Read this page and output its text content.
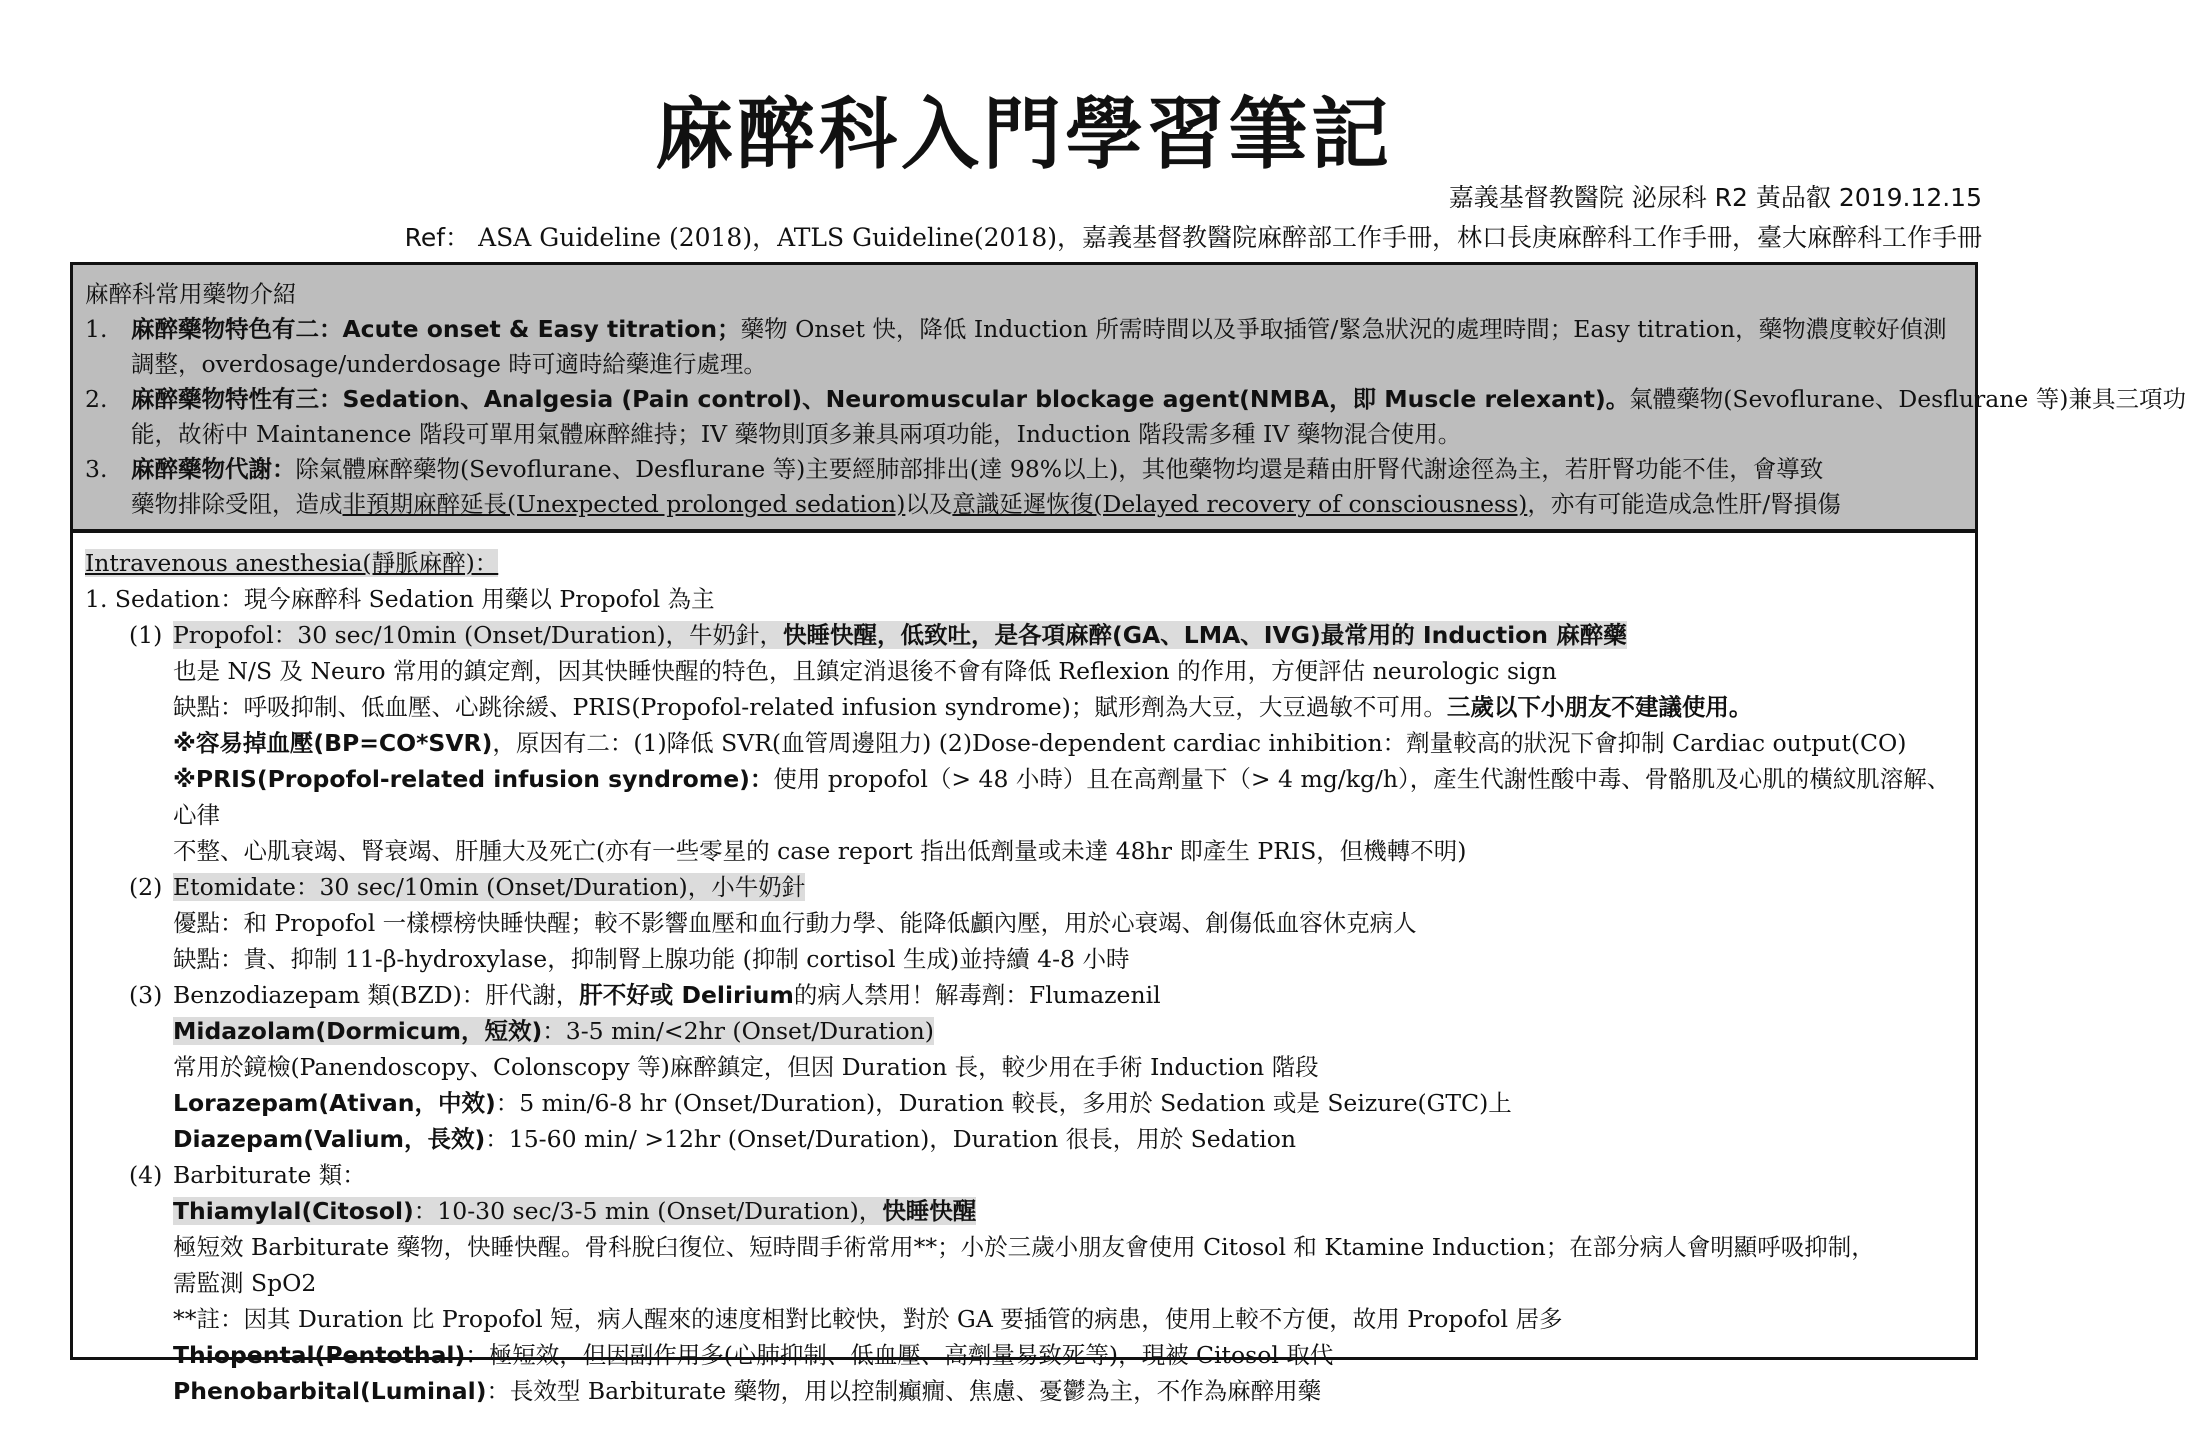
麻醉科入門學習筆記
嘉義基督教醫院 泌尿科 R2 黃品叡 2019.12.15
Ref： ASA Guideline (2018)，ATLS Guideline(2018)，嘉義基督教醫院麻醉部工作手冊，林口長庚麻醉科工作手冊，臺大麻醉科工作手冊
麻醉科常用藥物介紹
1. 麻醉藥物特色有二：Acute onset & Easy titration；藥物 Onset 快，降低 Induction 所需時間以及爭取插管/緊急狀況的處理時間；Easy titration，藥物濃度較好偵測
調整，overdosage/underdosage 時可適時給藥進行處理。
2. 麻醉藥物特性有三：Sedation、Analgesia (Pain control)、Neuromuscular blockage agent(NMBA，即 Muscle relexant)。氣體藥物(Sevoflurane、Desflurane 等)兼具三項功
能，故術中 Maintanence 階段可單用氣體麻醉維持；IV 藥物則頂多兼具兩項功能，Induction 階段需多種 IV 藥物混合使用。
3. 麻醉藥物代謝：除氣體麻醉藥物(Sevoflurane、Desflurane 等)主要經肺部排出(達 98%以上)，其他藥物均還是藉由肝腎代謝途徑為主，若肝腎功能不佳，會導致
藥物排除受阻，造成非預期麻醉延長(Unexpected prolonged sedation)以及意識延遲恢復(Delayed recovery of consciousness)，亦有可能造成急性肝/腎損傷
Intravenous anesthesia(靜脈麻醉)：
1. Sedation：現今麻醉科 Sedation 用藥以 Propofol 為主
(1) Propofol：30 sec/10min (Onset/Duration)，牛奶針，快睡快醒，低致吐，是各項麻醉(GA、LMA、IVG)最常用的 Induction 麻醉藥
也是 N/S 及 Neuro 常用的鎮定劑，因其快睡快醒的特色，且鎮定消退後不會有降低 Reflexion 的作用，方便評估 neurologic sign
缺點：呼吸抑制、低血壓、心跳徐緩、PRIS(Propofol-related infusion syndrome)；賦形劑為大豆，大豆過敏不可用。三歲以下小朋友不建議使用。
※容易掉血壓(BP=CO*SVR)，原因有二：(1)降低 SVR(血管周邊阻力) (2)Dose-dependent cardiac inhibition：劑量較高的狀況下會抑制 Cardiac output(CO)
※PRIS(Propofol-related infusion syndrome)：使用 propofol（> 48 小時）且在高劑量下（> 4 mg/kg/h），產生代謝性酸中毒、骨骼肌及心肌的橫紋肌溶解、心律
不整、心肌衰竭、腎衰竭、肝腫大及死亡(亦有一些零星的 case report 指出低劑量或未達 48hr 即產生 PRIS，但機轉不明)
(2) Etomidate：30 sec/10min (Onset/Duration)，小牛奶針
優點：和 Propofol 一樣標榜快睡快醒；較不影響血壓和血行動力學、能降低顱內壓，用於心衰竭、創傷低血容休克病人
缺點：貴、抑制 11-β-hydroxylase，抑制腎上腺功能 (抑制 cortisol 生成)並持續 4-8 小時
(3) Benzodiazepam 類(BZD)：肝代謝，肝不好或 Delirium的病人禁用！解毒劑：Flumazenil
Midazolam(Dormicum，短效)：3-5 min/<2hr (Onset/Duration)
常用於鏡檢(Panendoscopy、Colonscopy 等)麻醉鎮定，但因 Duration 長，較少用在手術 Induction 階段
Lorazepam(Ativan，中效)：5 min/6-8 hr (Onset/Duration)，Duration 較長，多用於 Sedation 或是 Seizure(GTC)上
Diazepam(Valium，長效)：15-60 min/ >12hr (Onset/Duration)，Duration 很長，用於 Sedation
(4) Barbiturate 類：
Thiamylal(Citosol)：10-30 sec/3-5 min (Onset/Duration)，快睡快醒
極短效 Barbiturate 藥物，快睡快醒。骨科脫臼復位、短時間手術常用**；小於三歲小朋友會使用 Citosol 和 Ktamine Induction；在部分病人會明顯呼吸抑制，
需監測 SpO2
**註：因其 Duration 比 Propofol 短，病人醒來的速度相對比較快，對於 GA 要插管的病患，使用上較不方便，故用 Propofol 居多
Thiopental(Pentothal)：極短效，但因副作用多(心肺抑制、低血壓、高劑量易致死等)，現被 Citosol 取代
Phenobarbital(Luminal)：長效型 Barbiturate 藥物，用以控制癲癇、焦慮、憂鬱為主，不作為麻醉用藥
